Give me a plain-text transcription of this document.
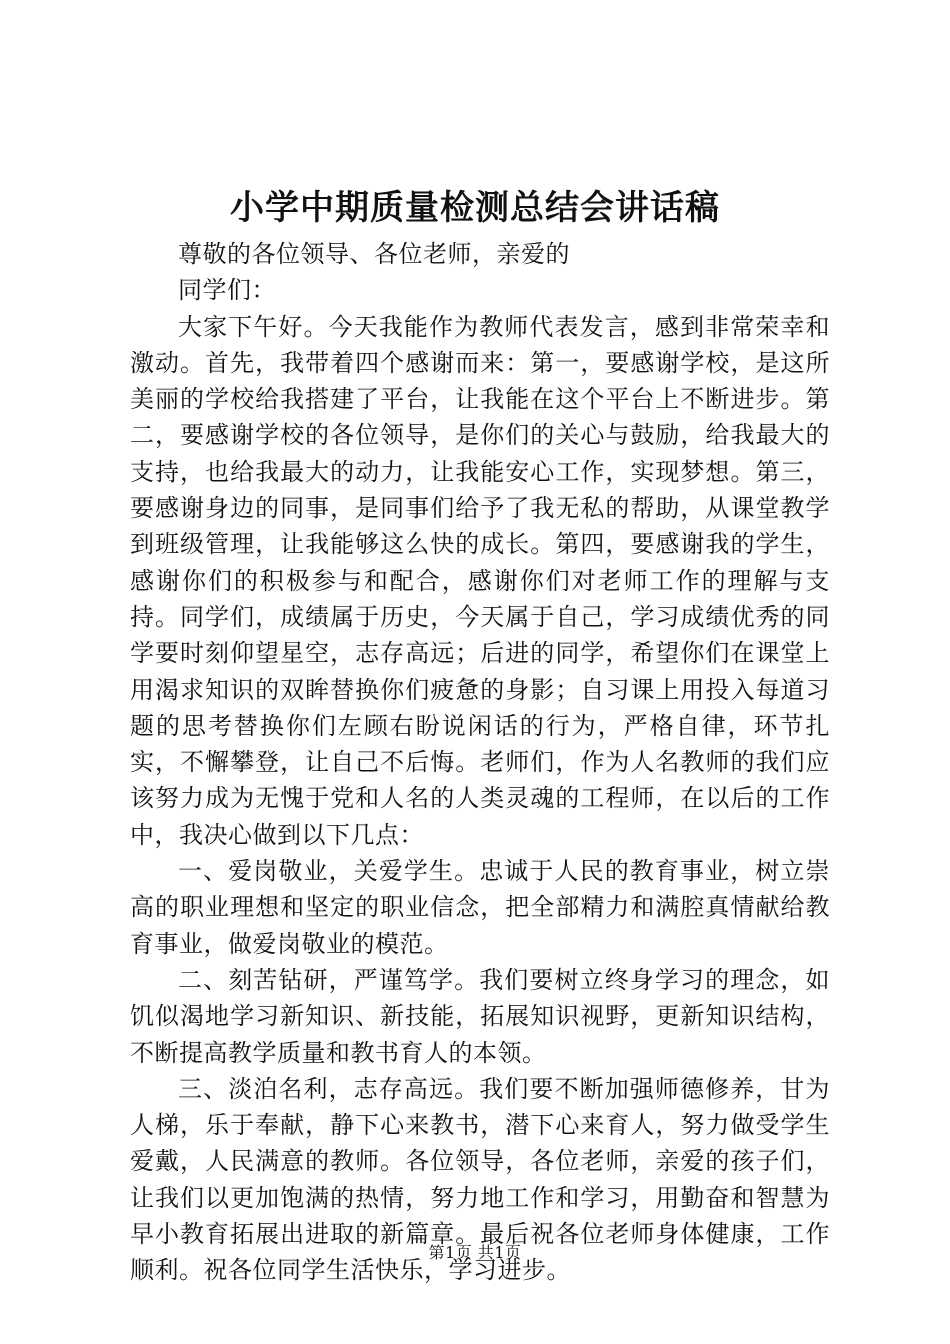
小学中期质量检测总结会讲话稿

尊敬的各位领导、各位老师，亲爱的

同学们：

大家下午好。今天我能作为教师代表发言，感到非常荣幸和激动。首先，我带着四个感谢而来：第一，要感谢学校，是这所美丽的学校给我搭建了平台，让我能在这个平台上不断进步。第二，要感谢学校的各位领导，是你们的关心与鼓励，给我最大的支持，也给我最大的动力，让我能安心工作，实现梦想。第三，要感谢身边的同事，是同事们给予了我无私的帮助，从课堂教学到班级管理，让我能够这么快的成长。第四，要感谢我的学生，感谢你们的积极参与和配合，感谢你们对老师工作的理解与支持。同学们，成绩属于历史，今天属于自己，学习成绩优秀的同学要时刻仰望星空，志存高远；后进的同学，希望你们在课堂上用渴求知识的双眸替换你们疲惫的身影；自习课上用投入每道习题的思考替换你们左顾右盼说闲话的行为，严格自律，环节扎实，不懈攀登，让自己不后悔。老师们，作为人名教师的我们应该努力成为无愧于党和人名的人类灵魂的工程师，在以后的工作中，我决心做到以下几点：

一、爱岗敬业，关爱学生。忠诚于人民的教育事业，树立崇高的职业理想和坚定的职业信念，把全部精力和满腔真情献给教育事业，做爱岗敬业的模范。

二、刻苦钻研，严谨笃学。我们要树立终身学习的理念，如饥似渴地学习新知识、新技能，拓展知识视野，更新知识结构，不断提高教学质量和教书育人的本领。

三、淡泊名利，志存高远。我们要不断加强师德修养，甘为人梯，乐于奉献，静下心来教书，潜下心来育人，努力做受学生爱戴，人民满意的教师。各位领导，各位老师，亲爱的孩子们，让我们以更加饱满的热情，努力地工作和学习，用勤奋和智慧为早小教育拓展出进取的新篇章。最后祝各位老师身体健康，工作顺利。祝各位同学生活快乐，学习进步。

第1页 共1页
